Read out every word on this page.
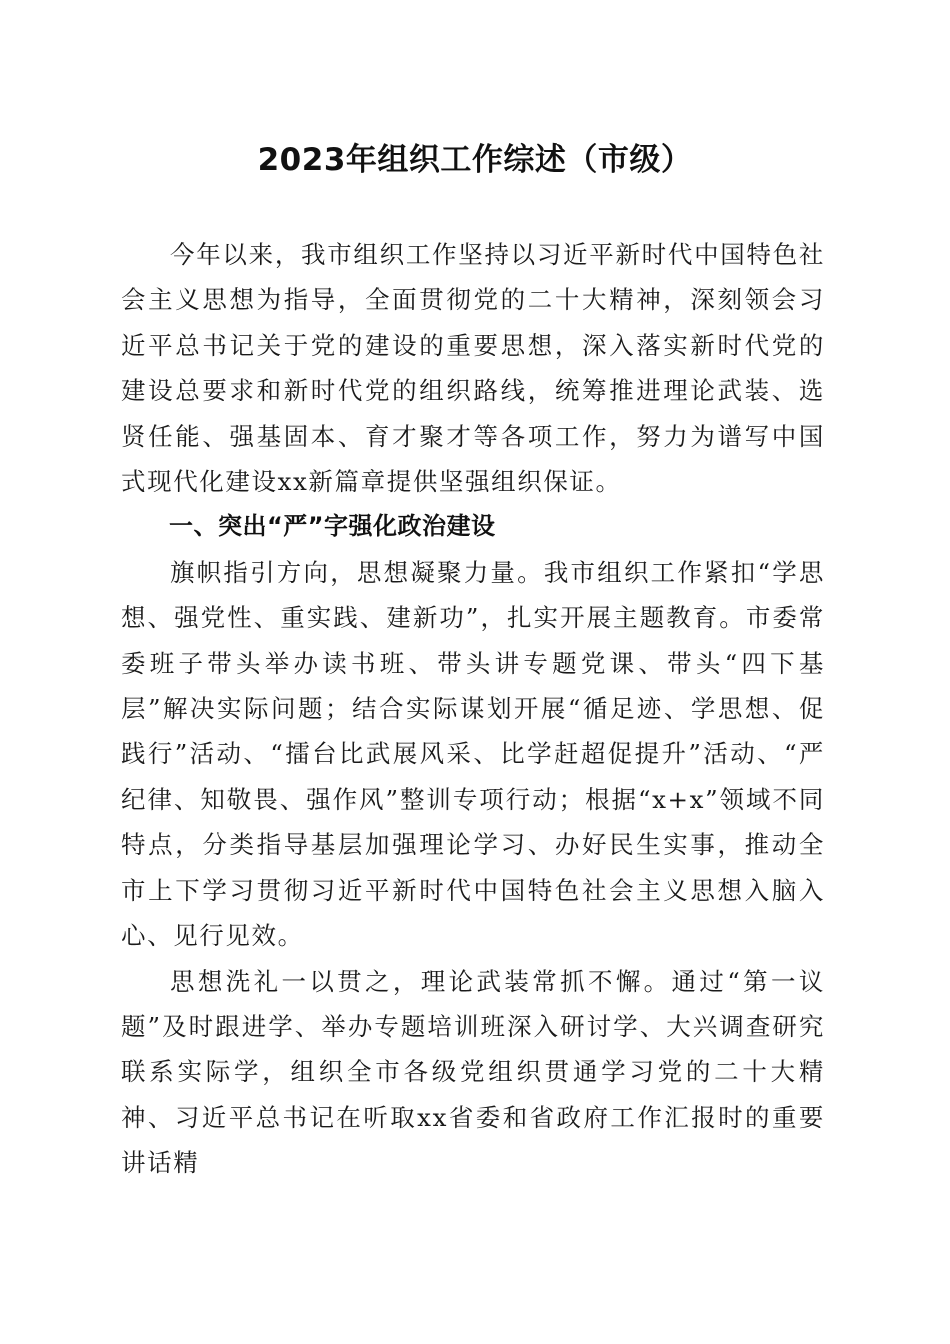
2023年组织工作综述（市级）

今年以来，我市组织工作坚持以习近平新时代中国特色社会主义思想为指导，全面贯彻党的二十大精神，深刻领会习近平总书记关于党的建设的重要思想，深入落实新时代党的建设总要求和新时代党的组织路线，统筹推进理论武装、选贤任能、强基固本、育才聚才等各项工作，努力为谱写中国式现代化建设xx新篇章提供坚强组织保证。

一、突出“严”字强化政治建设

旗帜指引方向，思想凝聚力量。我市组织工作紧扣“学思想、强党性、重实践、建新功”，扎实开展主题教育。市委常委班子带头举办读书班、带头讲专题党课、带头“四下基层”解决实际问题；结合实际谋划开展“循足迹、学思想、促践行”活动、“擂台比武展风采、比学赶超促提升”活动、“严纪律、知敬畏、强作风”整训专项行动；根据“x+x”领域不同特点，分类指导基层加强理论学习、办好民生实事，推动全市上下学习贯彻习近平新时代中国特色社会主义思想入脑入心、见行见效。

思想洗礼一以贯之，理论武装常抓不懈。通过“第一议题”及时跟进学、举办专题培训班深入研讨学、大兴调查研究联系实际学，组织全市各级党组织贯通学习党的二十大精神、习近平总书记在听取xx省委和省政府工作汇报时的重要讲话精
